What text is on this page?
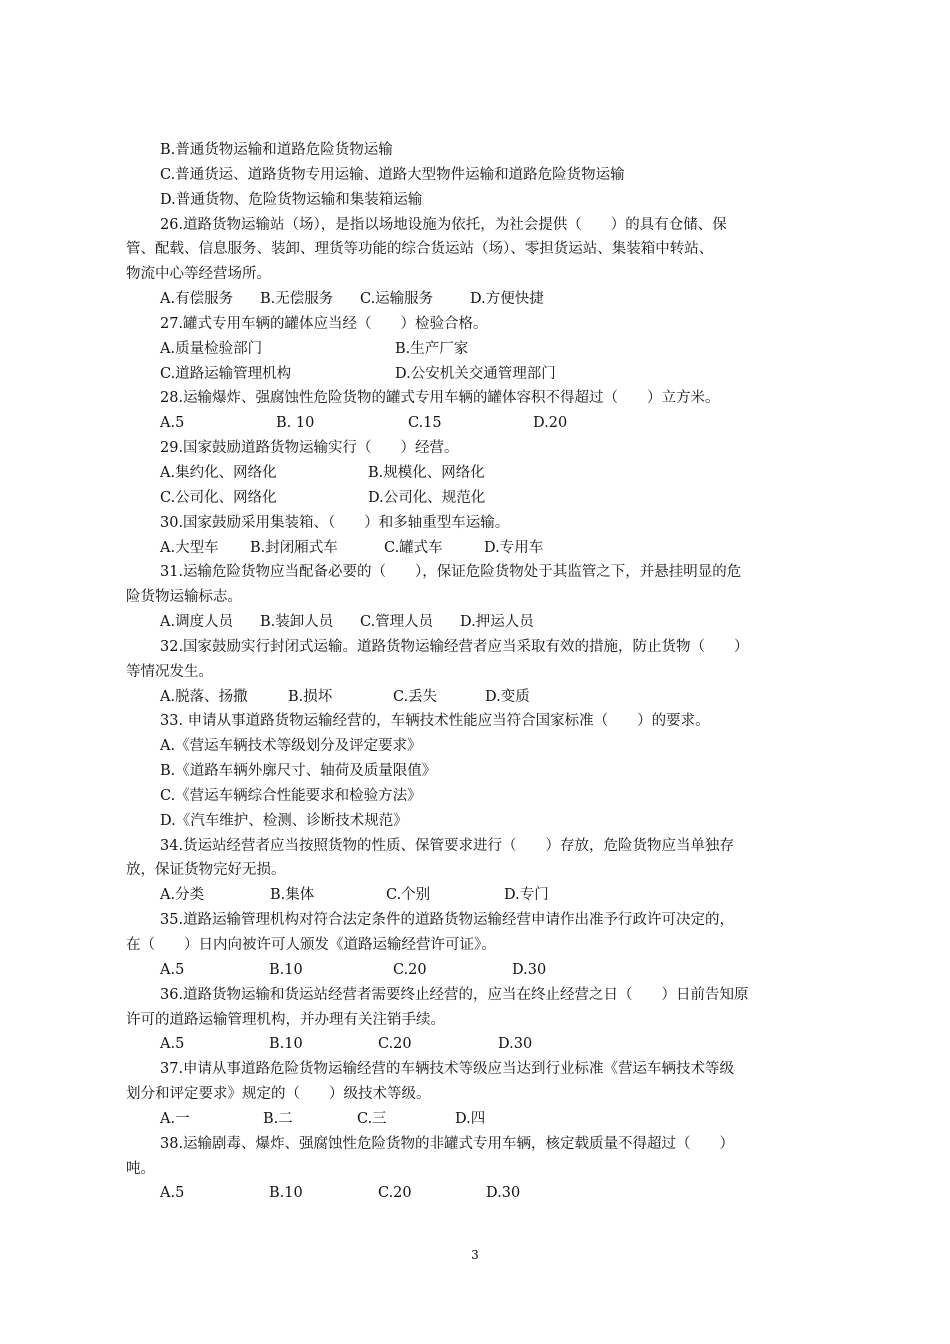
B.普通货物运输和道路危险货物运输
C.普通货运、道路货物专用运输、道路大型物件运输和道路危险货物运输
D.普通货物、危险货物运输和集装箱运输
26.道路货物运输站（场），是指以场地设施为依托，为社会提供（　　）的具有仓储、保
管、配载、信息服务、装卸、理货等功能的综合货运站（场）、零担货运站、集装箱中转站、
物流中心等经营场所。
A.有偿服务	B.无偿服务	C.运输服务	D.方便快捷
27.罐式专用车辆的罐体应当经（　　）检验合格。
A.质量检验部门	B.生产厂家
C.道路运输管理机构	D.公安机关交通管理部门
28.运输爆炸、强腐蚀性危险货物的罐式专用车辆的罐体容积不得超过（　　）立方米。
A.5	B. 10	C.15	D.20
29.国家鼓励道路货物运输实行（　　）经营。
A.集约化、网络化	B.规模化、网络化
C.公司化、网络化	D.公司化、规范化
30.国家鼓励采用集装箱、（　　）和多轴重型车运输。
A.大型车	B.封闭厢式车	C.罐式车	D.专用车
31.运输危险货物应当配备必要的（　　），保证危险货物处于其监管之下，并悬挂明显的危
险货物运输标志。
A.调度人员	B.装卸人员	C.管理人员	D.押运人员
32.国家鼓励实行封闭式运输。道路货物运输经营者应当采取有效的措施，防止货物（　　）
等情况发生。
A.脱落、扬撒	B.损坏	C.丢失	D.变质
33. 申请从事道路货物运输经营的，车辆技术性能应当符合国家标准（　　）的要求。
A.《营运车辆技术等级划分及评定要求》
B.《道路车辆外廓尺寸、轴荷及质量限值》
C.《营运车辆综合性能要求和检验方法》
D.《汽车维护、检测、诊断技术规范》
34.货运站经营者应当按照货物的性质、保管要求进行（　　）存放，危险货物应当单独存
放，保证货物完好无损。
A.分类	B.集体	C.个别	D.专门
35.道路运输管理机构对符合法定条件的道路货物运输经营申请作出准予行政许可决定的，
在（　　）日内向被许可人颁发《道路运输经营许可证》。
A.5	B.10	C.20	D.30
36.道路货物运输和货运站经营者需要终止经营的，应当在终止经营之日（　　）日前告知原
许可的道路运输管理机构，并办理有关注销手续。
A.5	B.10	C.20	D.30
37.申请从事道路危险货物运输经营的车辆技术等级应当达到行业标准《营运车辆技术等级
划分和评定要求》规定的（　　）级技术等级。
A.一	B.二	C.三	D.四
38.运输剧毒、爆炸、强腐蚀性危险货物的非罐式专用车辆，核定载质量不得超过（　　）
吨。
A.5	B.10	C.20	D.30
3
